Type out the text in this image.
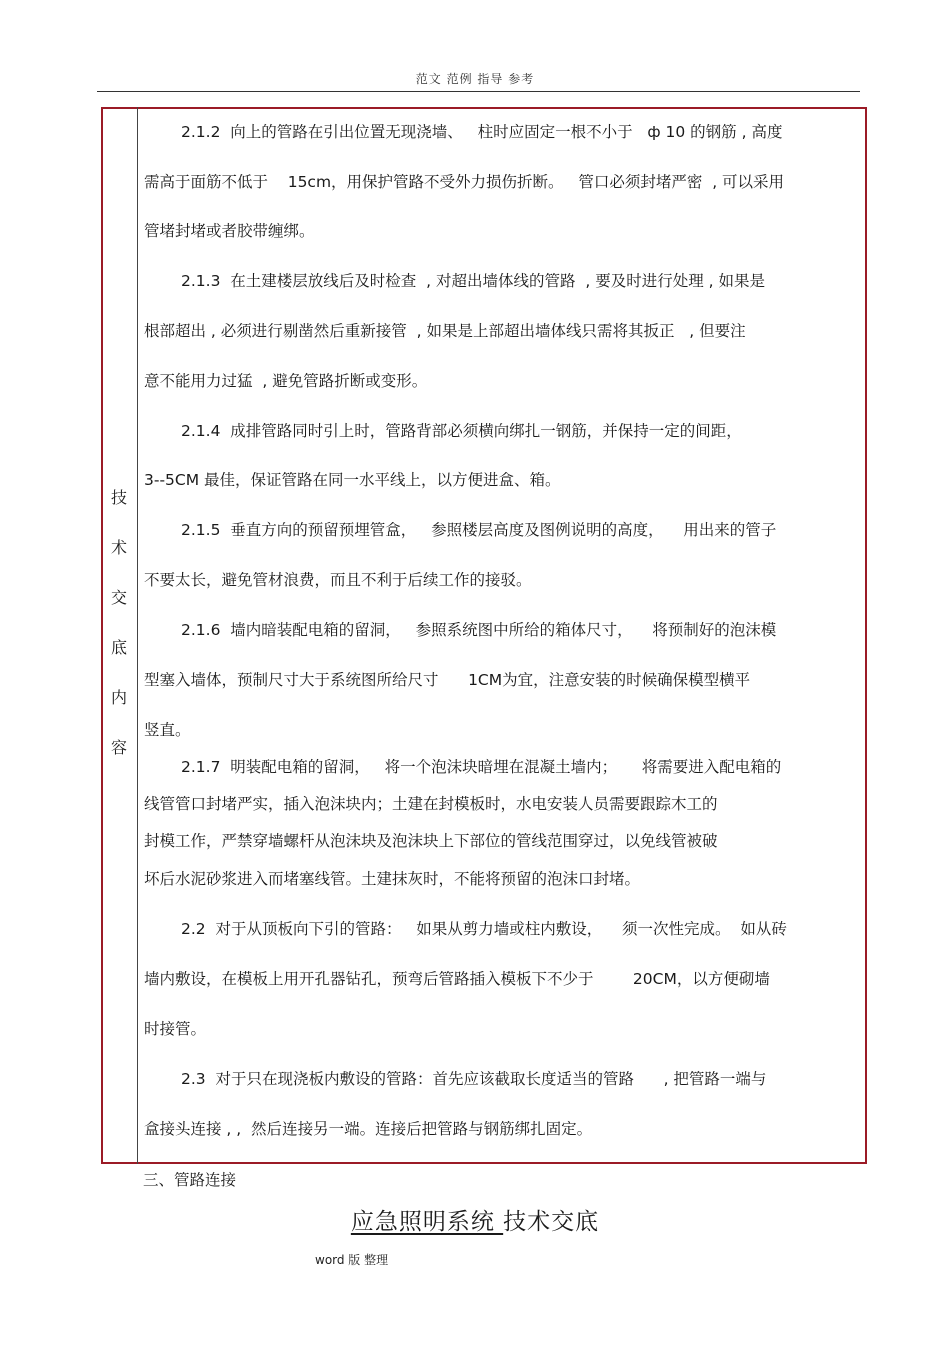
范文 范例 指导 参考
技
术
交
底
内
容
2.1.2  向上的管路在引出位置无现浇墙、   柱时应固定一根不小于   ф 10 的钢筋 , 高度
需高于面筋不低于    15cm，用保护管路不受外力损伤折断。   管口必须封堵严密  , 可以采用
管堵封堵或者胶带缠绑。
2.1.3  在土建楼层放线后及时检查  , 对超出墙体线的管路  , 要及时进行处理 , 如果是
根部超出 , 必须进行剔凿然后重新接管  , 如果是上部超出墙体线只需将其扳正   , 但要注
意不能用力过猛  , 避免管路折断或变形。
2.1.4  成排管路同时引上时，管路背部必须横向绑扎一钢筋，并保持一定的间距，
3--5CM 最佳，保证管路在同一水平线上，以方便进盒、箱。
2.1.5  垂直方向的预留预埋管盒，   参照楼层高度及图例说明的高度，    用出来的管子
不要太长，避免管材浪费，而且不利于后续工作的接驳。
2.1.6  墙内暗装配电箱的留洞，   参照系统图中所给的箱体尺寸，    将预制好的泡沫模
型塞入墙体，预制尺寸大于系统图所给尺寸      1CM为宜，注意安装的时候确保模型横平
竖直。
2.1.7  明装配电箱的留洞，   将一个泡沫块暗埋在混凝土墙内；     将需要进入配电箱的
线管管口封堵严实，插入泡沫块内；土建在封模板时，水电安装人员需要跟踪木工的
封模工作，严禁穿墙螺杆从泡沫块及泡沫块上下部位的管线范围穿过，以免线管被破
坏后水泥砂浆进入而堵塞线管。土建抹灰时，不能将预留的泡沫口封堵。
2.2  对于从顶板向下引的管路：   如果从剪力墙或柱内敷设，    须一次性完成。  如从砖
墙内敷设，在模板上用开孔器钻孔，预弯后管路插入模板下不少于        20CM，以方便砌墙
时接管。
2.3  对于只在现浇板内敷设的管路：首先应该截取长度适当的管路      , 把管路一端与
盒接头连接 , ,  然后连接另一端。连接后把管路与钢筋绑扎固定。
三、管路连接
应急照明系统 技术交底
word 版 整理
